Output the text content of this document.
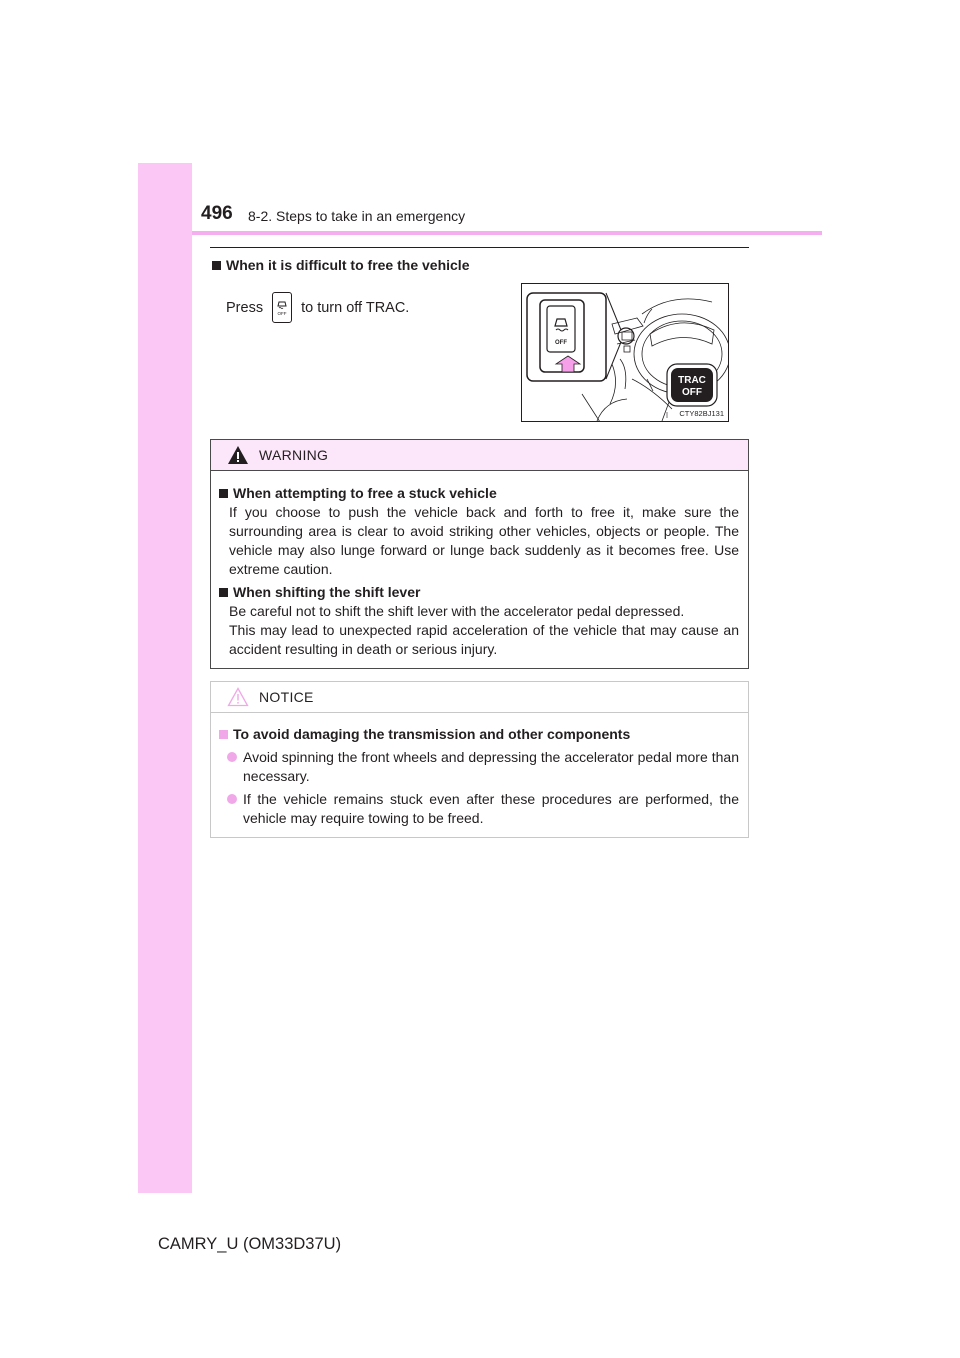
496 8-2. Steps to take in an emergency
When it is difficult to free the vehicle
Press	OFF to turn off TRAC.
OFF
TRAC
OFF
CTY82BJ131
WARNING
When attempting to free a stuck vehicle

If you choose to push the vehicle back and forth to free it, make sure the surrounding area is clear to avoid striking other vehicles, objects or people. The vehicle may also lunge forward or lunge back suddenly as it becomes free. Use extreme caution.

When shifting the shift lever

Be careful not to shift the shift lever with the accelerator pedal depressed.

This may lead to unexpected rapid acceleration of the vehicle that may cause an accident resulting in death or serious injury.

NOTICE
To avoid damaging the transmission and other components
Avoid spinning the front wheels and depressing the accelerator pedal more than necessary.
If the vehicle remains stuck even after these procedures are performed, the vehicle may require towing to be freed.
CAMRY_U (OM33D37U)
